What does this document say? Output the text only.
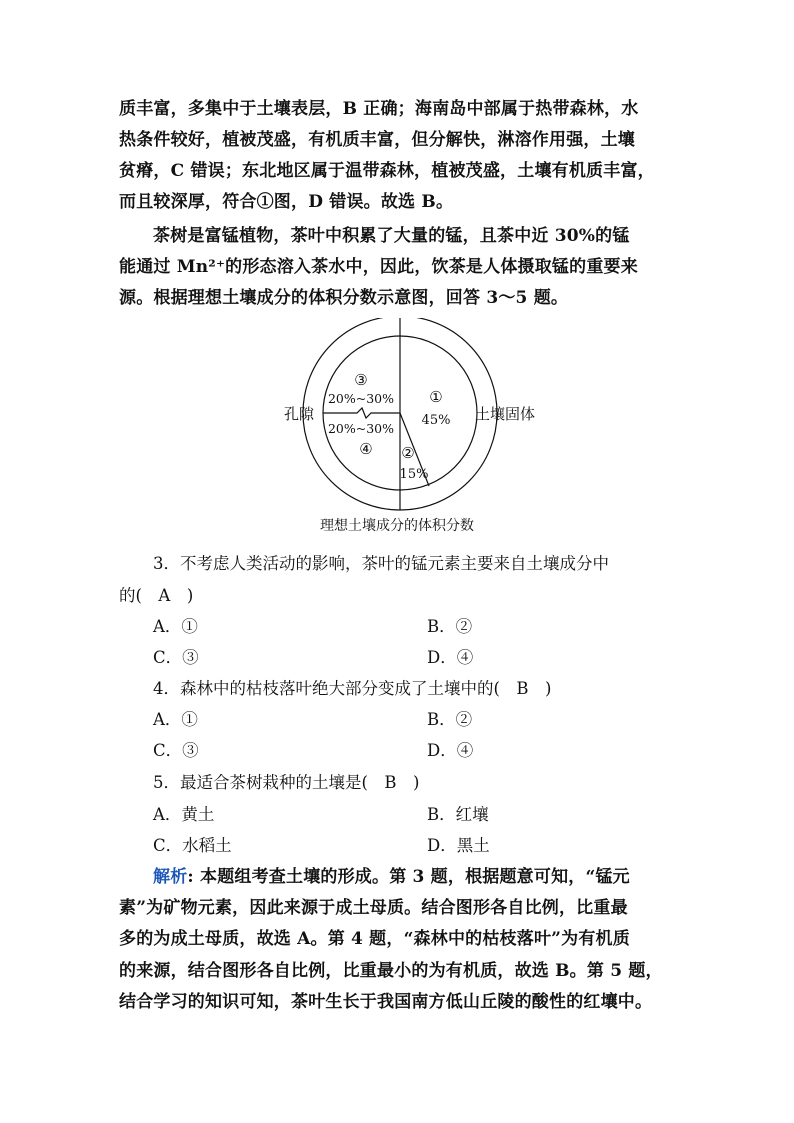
质丰富，多集中于土壤表层，B 正确；海南岛中部属于热带森林，水
热条件较好，植被茂盛，有机质丰富，但分解快，淋溶作用强，土壤
贫瘠，C 错误；东北地区属于温带森林，植被茂盛，土壤有机质丰富，
而且较深厚，符合①图，D 错误。故选 B。
茶树是富锰植物，茶叶中积累了大量的锰，且茶中近 30%的锰
能通过 Mn²⁺的形态溶入茶水中，因此，饮茶是人体摄取锰的重要来
源。根据理想土壤成分的体积分数示意图，回答 3～5 题。
①
45%
②
15%
③
20%~30%
20%~30%
④
孔隙	土壤固体
理想土壤成分的体积分数
3．不考虑人类活动的影响，茶叶的锰元素主要来自土壤成分中
的(　A　)
A．①	B．②
C．③	D．④
4．森林中的枯枝落叶绝大部分变成了土壤中的(　B　)
A．①	B．②
C．③	D．④
5．最适合茶树栽种的土壤是(　B　)
A．黄土	B．红壤
C．水稻土	D．黑土
解析: 本题组考查土壤的形成。第 3 题，根据题意可知，“锰元
素”为矿物元素，因此来源于成土母质。结合图形各自比例，比重最
多的为成土母质，故选 A。第 4 题，“森林中的枯枝落叶”为有机质
的来源，结合图形各自比例，比重最小的为有机质，故选 B。第 5 题，
结合学习的知识可知，茶叶生长于我国南方低山丘陵的酸性的红壤中。
